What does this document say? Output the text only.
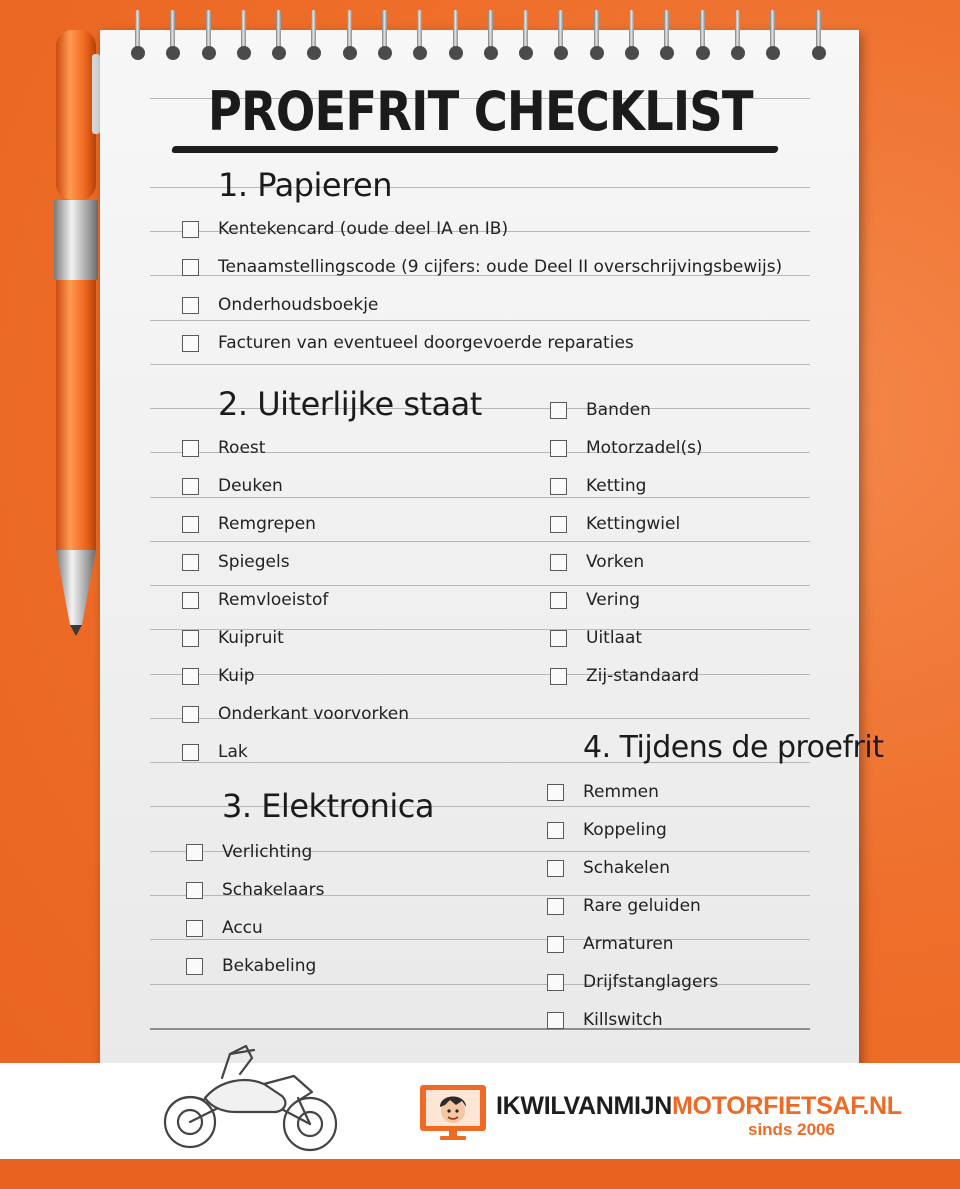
PROEFRIT CHECKLIST
1. Papieren
Kentekencard (oude deel IA en IB)
Tenaamstellingscode (9 cijfers: oude Deel II overschrijvingsbewijs)
Onderhoudsboekje
Facturen van eventueel doorgevoerde reparaties
2. Uiterlijke staat
Roest
Deuken
Remgrepen
Spiegels
Remvloeistof
Kuipruit
Kuip
Onderkant voorvorken
Lak
Banden
Motorzadel(s)
Ketting
Kettingwiel
Vorken
Vering
Uitlaat
Zij-standaard
3. Elektronica
Verlichting
Schakelaars
Accu
Bekabeling
4. Tijdens de proefrit
Remmen
Koppeling
Schakelen
Rare geluiden
Armaturen
Drijfstanglagers
Killswitch
IKWILVANMIJNMOTORFIETSAF.NL
sinds 2006
